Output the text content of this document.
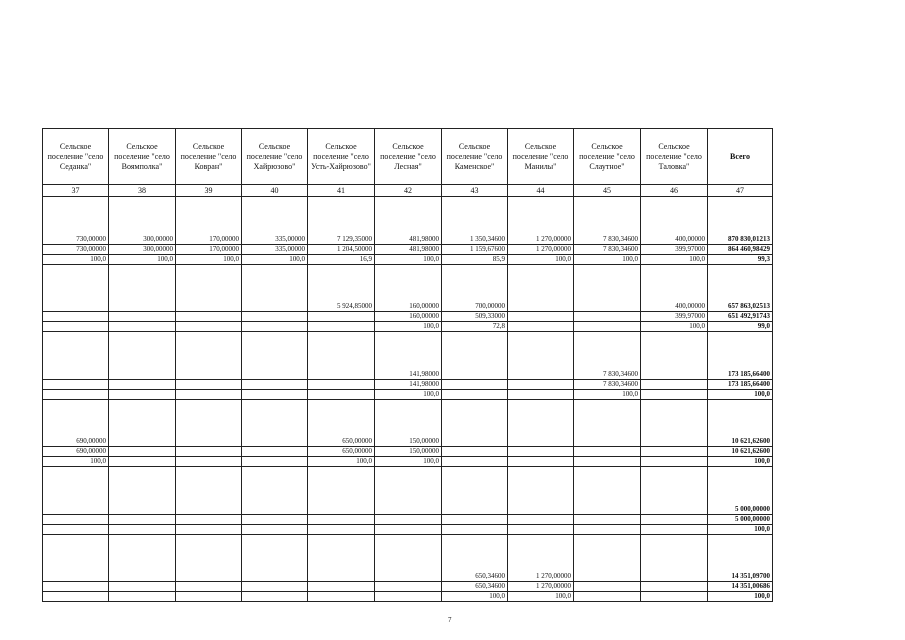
Сельское поселение "село Седанка"	Сельское поселение "село Воямполка"	Сельское поселение "село Ковран"	Сельское поселение "село Хайрюзово"	Сельское поселение "село Усть-Хайрюзово"	Сельское поселение "село Лесная"	Сельское поселение "село Каменское"	Сельское поселение "село Манилы"	Сельское поселение "село Слаутное"	Сельское поселение "село Таловка"	Всего
37	38	39	40	41	42	43	44	45	46	47

730,00000	300,00000	170,00000	335,00000	7 129,35000	481,98000	1 350,34600	1 270,00000	7 830,34600	400,00000	870 830,01213
730,00000	300,00000	170,00000	335,00000	1 204,50000	481,98000	1 159,67600	1 270,00000	7 830,34600	399,97000	864 460,98429
100,0	100,0	100,0	100,0	16,9	100,0	85,9	100,0	100,0	100,0	99,3

				5 924,85000	160,00000	700,00000			400,00000	657 863,02513
					160,00000	509,33000			399,97000	651 492,91743
					100,0	72,8			100,0	99,0

					141,98000			7 830,34600		173 185,66400
					141,98000			7 830,34600		173 185,66400
					100,0			100,0		100,0

690,00000				650,00000	150,00000					10 621,62600
690,00000				650,00000	150,00000					10 621,62600
100,0				100,0	100,0					100,0

										5 000,00000
										5 000,00000
										100,0

						650,34600	1 270,00000			14 351,09700
						650,34600	1 270,00000			14 351,00686
						100,0	100,0			100,0
7
